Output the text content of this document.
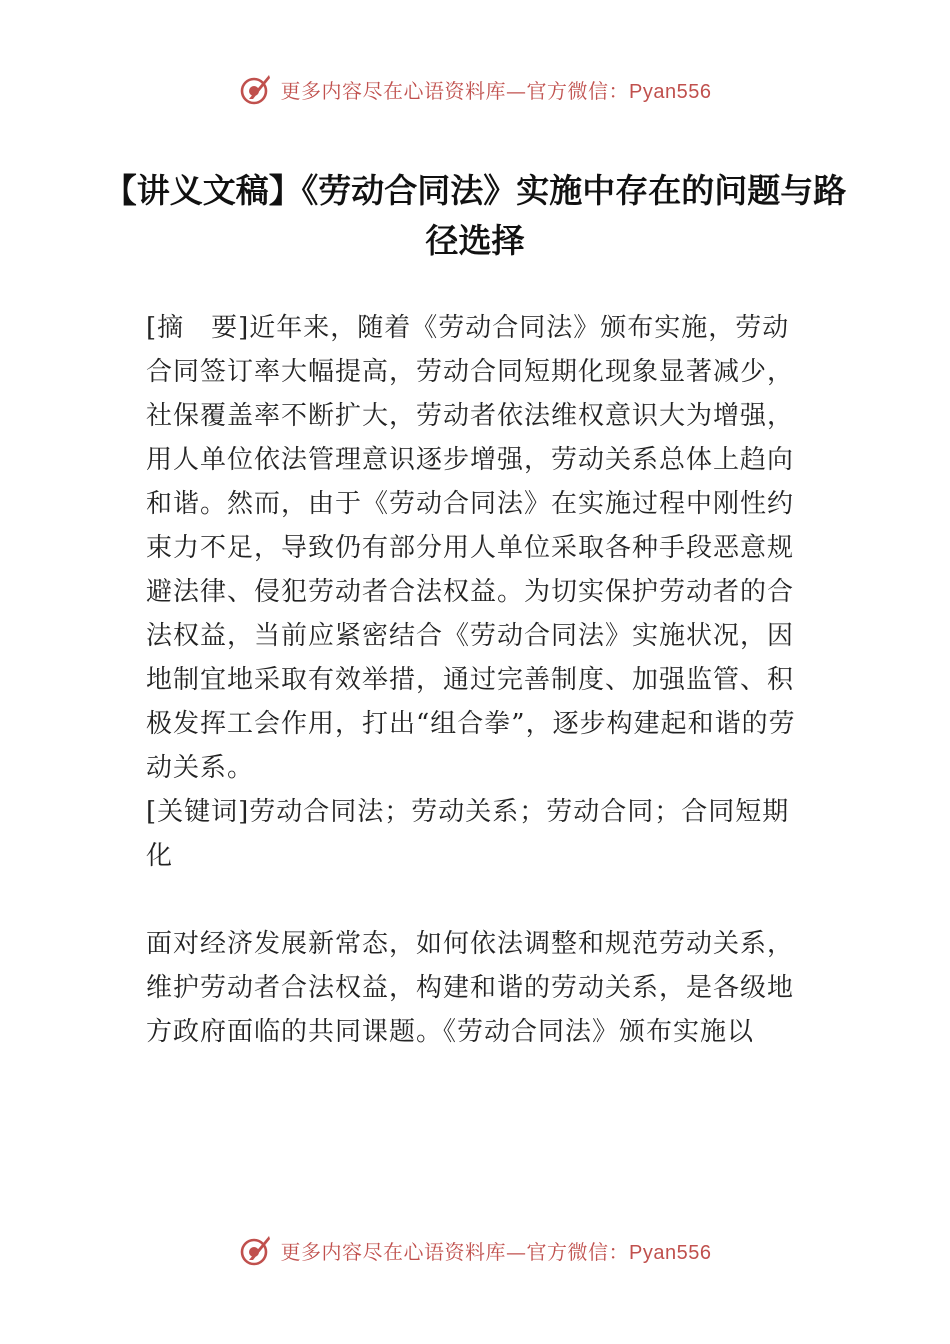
更多内容尽在心语资料库—官方微信：Pyan556
【讲义文稿】《劳动合同法》实施中存在的问题与路径选择

[摘　要]近年来，随着《劳动合同法》颁布实施，劳动合同签订率大幅提高，劳动合同短期化现象显著减少，社保覆盖率不断扩大，劳动者依法维权意识大为增强，用人单位依法管理意识逐步增强，劳动关系总体上趋向和谐。然而，由于《劳动合同法》在实施过程中刚性约束力不足，导致仍有部分用人单位采取各种手段恶意规避法律、侵犯劳动者合法权益。为切实保护劳动者的合法权益，当前应紧密结合《劳动合同法》实施状况，因地制宜地采取有效举措，通过完善制度、加强监管、积极发挥工会作用，打出“组合拳”，逐步构建起和谐的劳动关系。

[关键词]劳动合同法；劳动关系；劳动合同；合同短期化

面对经济发展新常态，如何依法调整和规范劳动关系，维护劳动者合法权益，构建和谐的劳动关系，是各级地方政府面临的共同课题。《劳动合同法》颁布实施以

更多内容尽在心语资料库—官方微信：Pyan556
